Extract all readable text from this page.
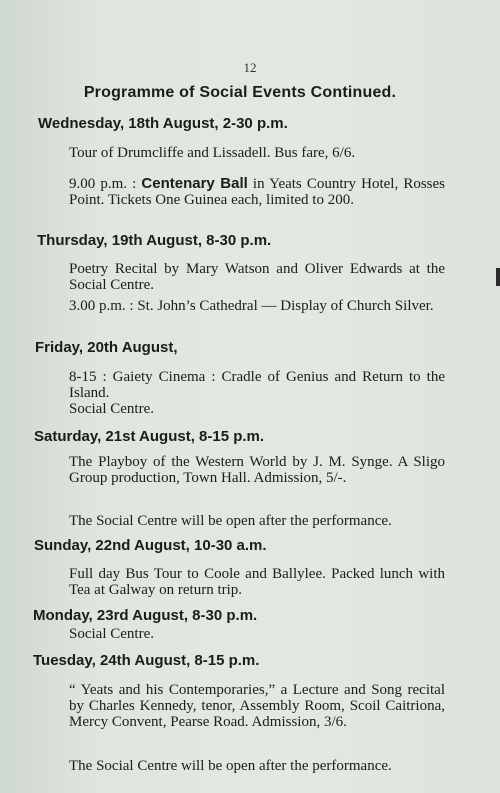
12
Programme of Social Events Continued.
Wednesday, 18th August, 2-30 p.m.
Tour of Drumcliffe and Lissadell. Bus fare, 6/6.
9.00 p.m. : Centenary Ball in Yeats Country Hotel, Rosses Point. Tickets One Guinea each, limited to 200.
Thursday, 19th August, 8-30 p.m.
Poetry Recital by Mary Watson and Oliver Edwards at the Social Centre.
3.00 p.m. : St. John’s Cathedral — Display of Church Silver.
Friday, 20th August,
8-15 : Gaiety Cinema : Cradle of Genius and Return to the Island.
Social Centre.
Saturday, 21st August, 8-15 p.m.
The Playboy of the Western World by J. M. Synge. A Sligo Group production, Town Hall. Admission, 5/-.
The Social Centre will be open after the performance.
Sunday, 22nd August, 10-30 a.m.
Full day Bus Tour to Coole and Ballylee. Packed lunch with Tea at Galway on return trip.
Monday, 23rd August, 8-30 p.m.
Social Centre.
Tuesday, 24th August, 8-15 p.m.
“ Yeats and his Contemporaries,” a Lecture and Song recital by Charles Kennedy, tenor, Assembly Room, Scoil Caitriona, Mercy Convent, Pearse Road. Admission, 3/6.
The Social Centre will be open after the performance.
